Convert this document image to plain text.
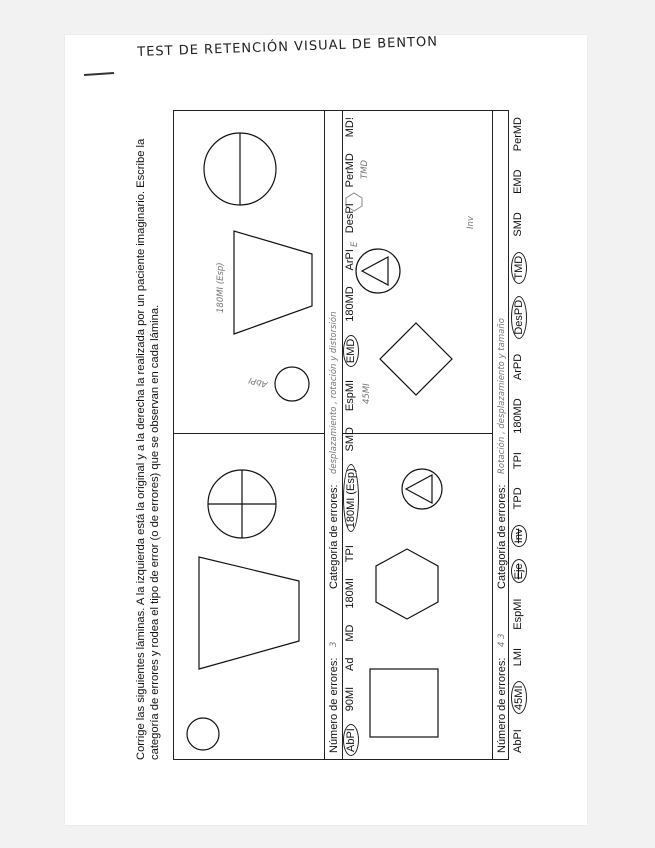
TEST DE RETENCIÓN VISUAL DE BENTON
Corrige las siguientes láminas. A la izquierda está la original y a la derecha la realizada por un paciente imaginario. Escribe la categoría de errores y rodea el tipo de error (o de errores) que se observan en cada lámina.	AbPI
180MI (Esp)
45MI
E
Inv
TMD
Número de errores:
3
Categoría de errores:
desplazamiento , rotación y distorsión
Número de errores:
4 3
Categoría de errores:
Rotación , desplazamiento y tamaño
AbPI
90MI
Ad
MD
180MI
TPI
180MI (Esp)
SMD
EspMI
EMD
180MD
ArPI
DesPI
PerMD
MD!
AbPI
45MI
LMI
EspMI
Eje
Inv
TPD
TPI
180MD
ArPD
DesPD
TMD
SMD
EMD
PerMD
